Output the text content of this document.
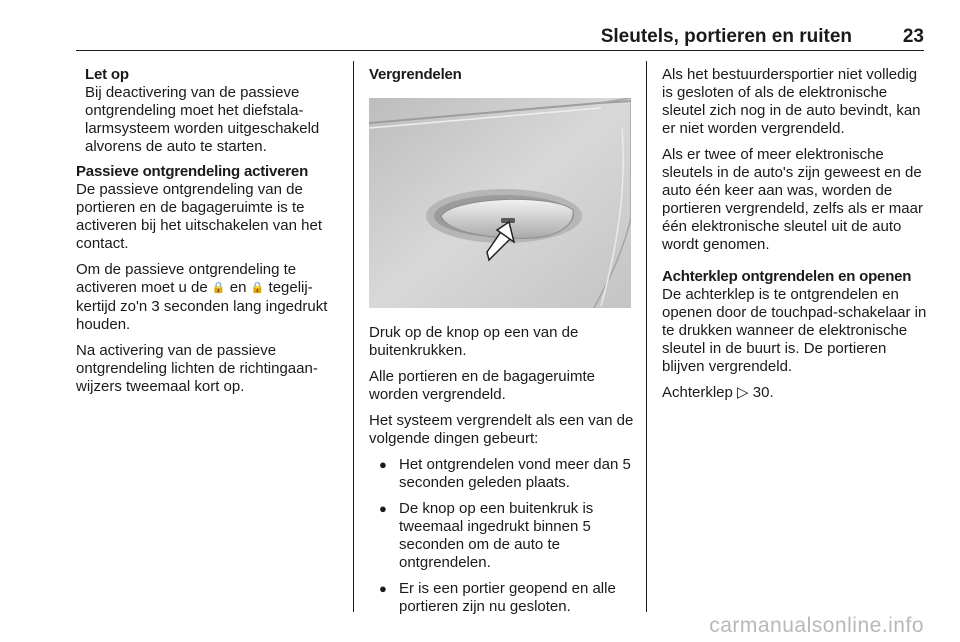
Sleutels, portieren en ruiten	23
Let op
Bij deactivering van de passieve ontgrendeling moet het diefstalalarmsysteem worden uitgeschakeld alvorens de auto te starten.

Passieve ontgrendeling activeren
De passieve ontgrendeling van de portieren en de bagageruimte is te activeren bij het uitschakelen van het contact.

Om de passieve ontgrendeling te activeren moet u de 🔒 en 🔒 tegelijkertijd zo'n 3 seconden lang ingedrukt houden.

Na activering van de passieve ontgrendeling lichten de richtingaanwijzers tweemaal kort op.

Vergrendelen

Druk op de knop op een van de buitenkrukken.

Alle portieren en de bagageruimte worden vergrendeld.

Het systeem vergrendelt als een van de volgende dingen gebeurt:

● Het ontgrendelen vond meer dan 5 seconden geleden plaats.
● De knop op een buitenkruk is tweemaal ingedrukt binnen 5 seconden om de auto te ontgrendelen.
● Er is een portier geopend en alle portieren zijn nu gesloten.

Als het bestuurdersportier niet volledig is gesloten of als de elektronische sleutel zich nog in de auto bevindt, kan er niet worden vergrendeld.

Als er twee of meer elektronische sleutels in de auto's zijn geweest en de auto één keer aan was, worden de portieren vergrendeld, zelfs als er maar één elektronische sleutel uit de auto wordt genomen.

Achterklep ontgrendelen en openen
De achterklep is te ontgrendelen en openen door de touchpad-schakelaar in te drukken wanneer de elektronische sleutel in de buurt is. De portieren blijven vergrendeld.

Achterklep ▷ 30.

carmanualsonline.info
